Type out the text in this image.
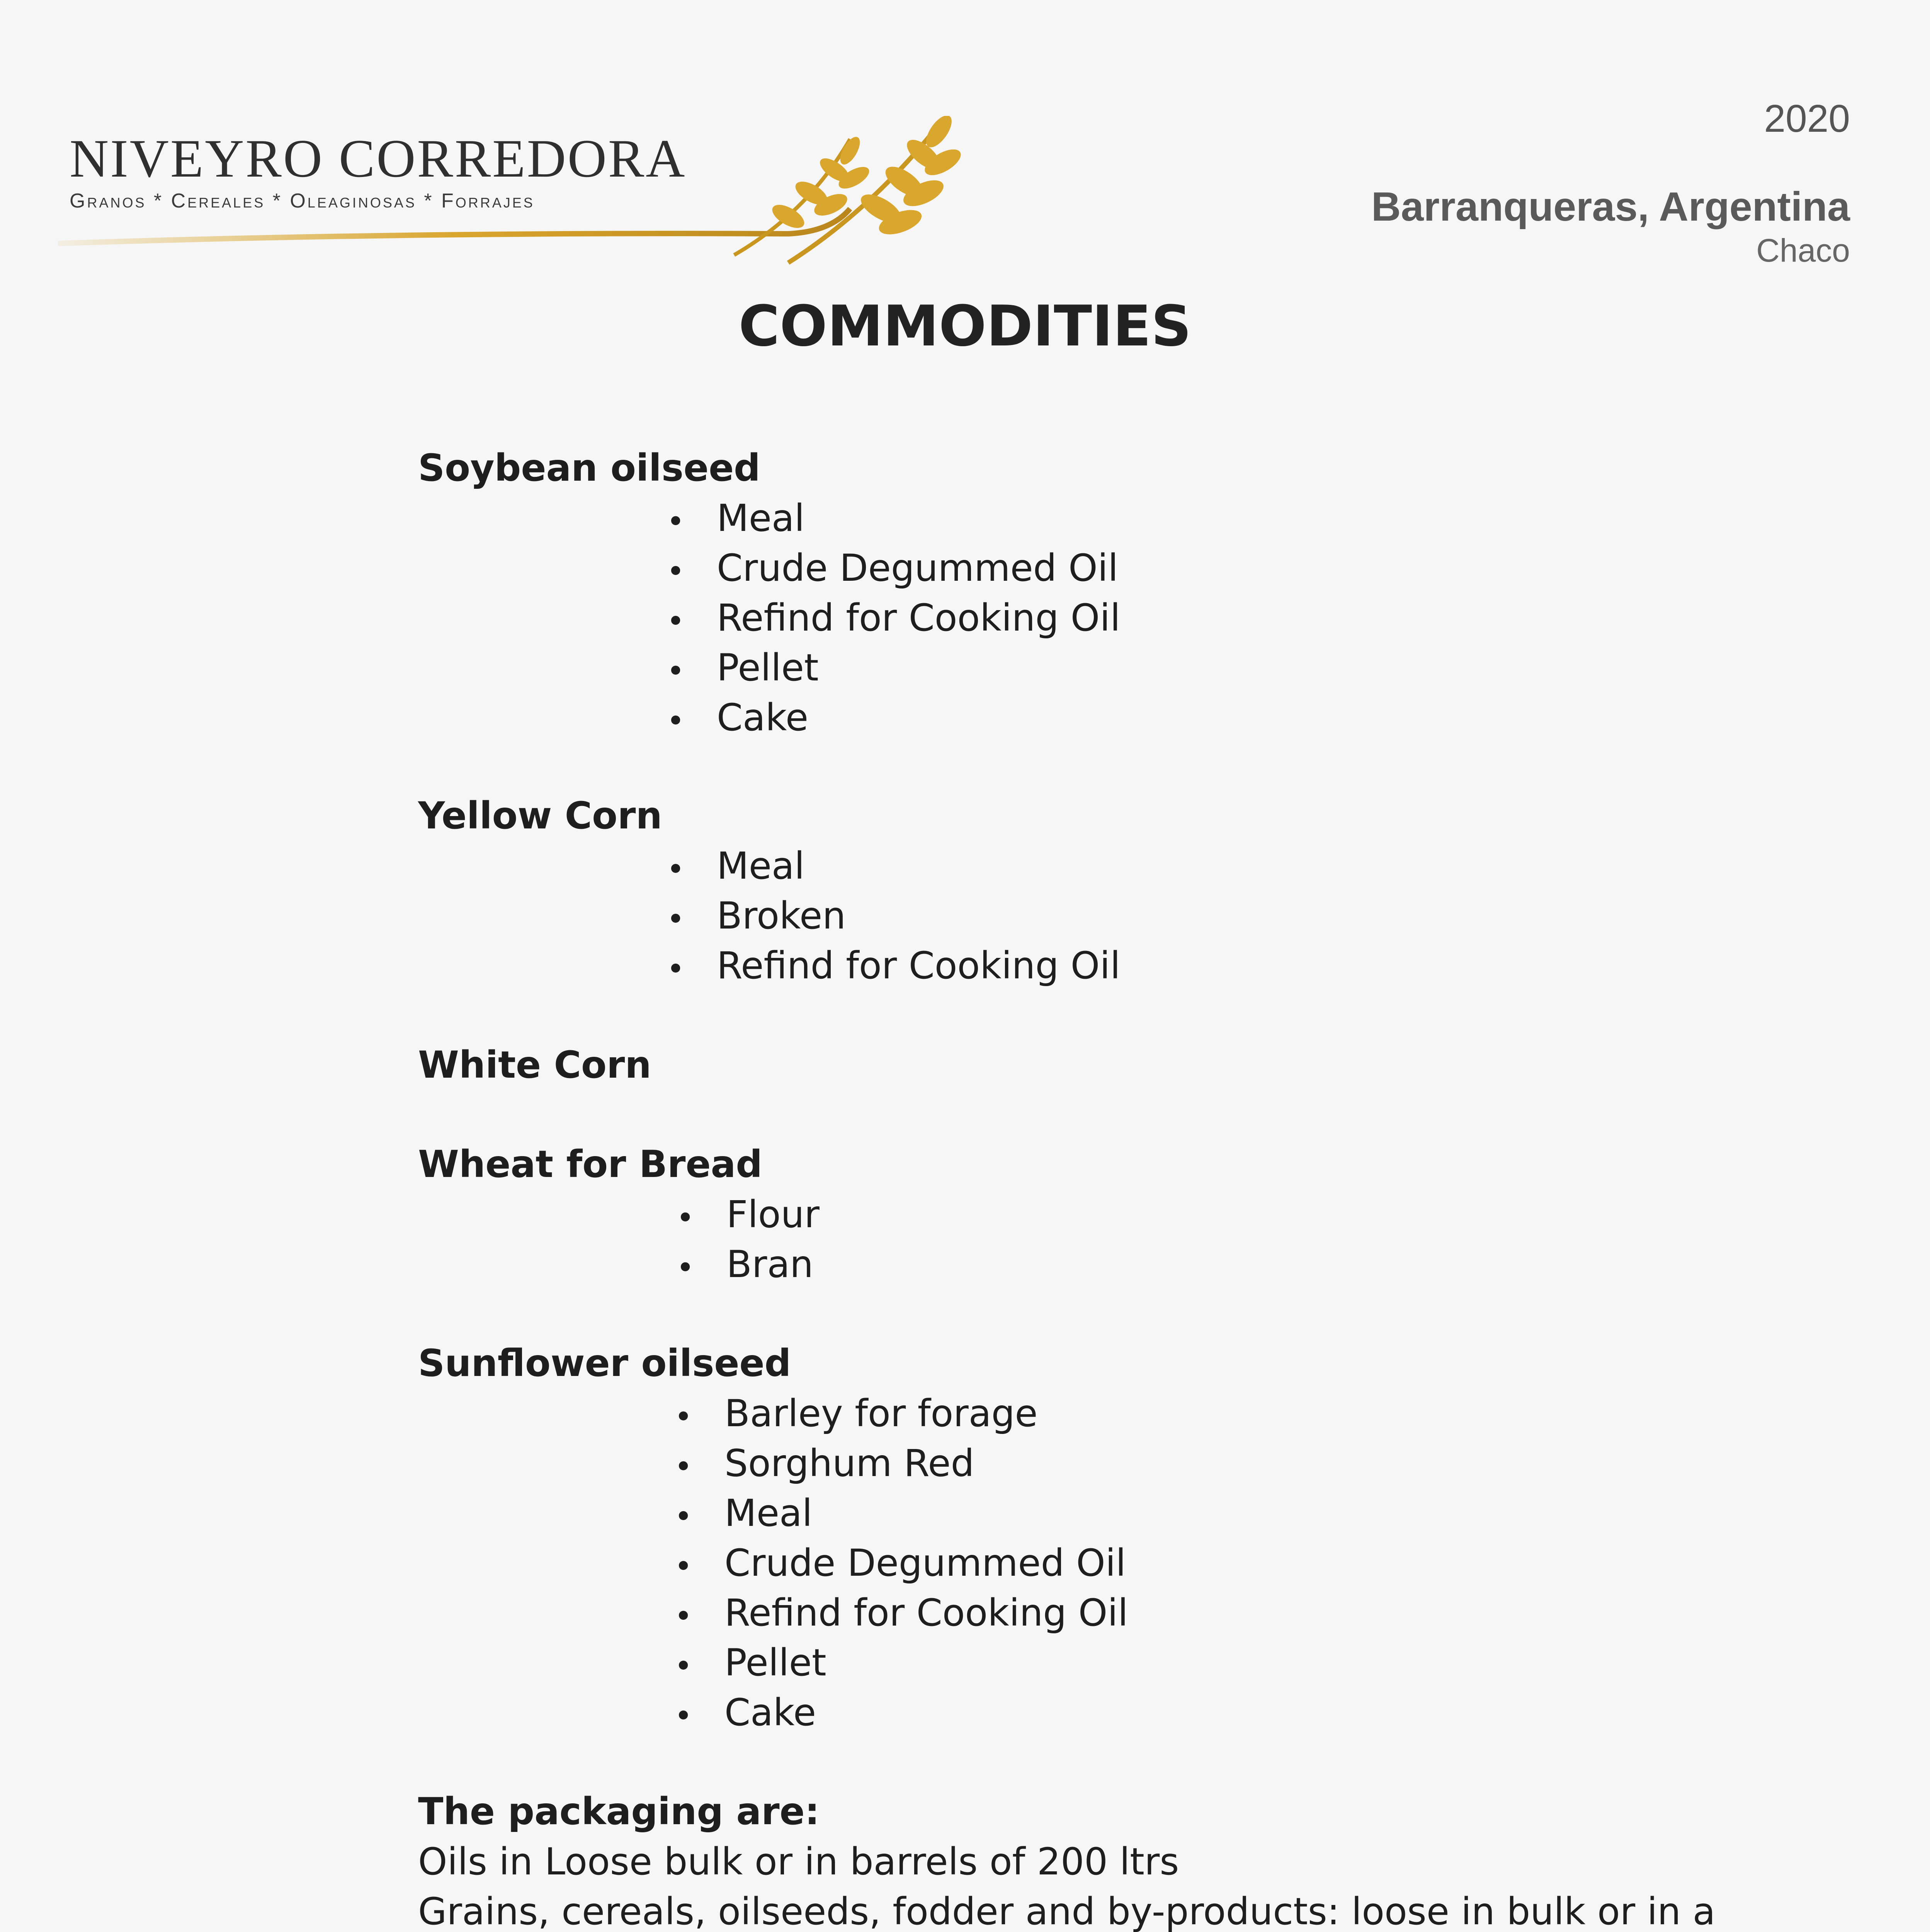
NIVEYRO CORREDORA
Granos * Cereales * Oleaginosas * Forrajes
2020
Barranqueras, Argentina
Chaco
COMMODITIES
Soybean oilseed
• Meal
• Crude Degummed Oil
• Refind for Cooking Oil
• Pellet
• Cake
Yellow Corn
• Meal
• Broken
• Refind for Cooking Oil
White Corn
Wheat for Bread
• Flour
• Bran
Sunflower oilseed
• Barley for forage
• Sorghum Red
• Meal
• Crude Degummed Oil
• Refind for Cooking Oil
• Pellet
• Cake
The packaging are:
Oils in Loose bulk or in barrels of 200 ltrs
Grains, cereals, oilseeds, fodder and by-products: loose in bulk or in a
